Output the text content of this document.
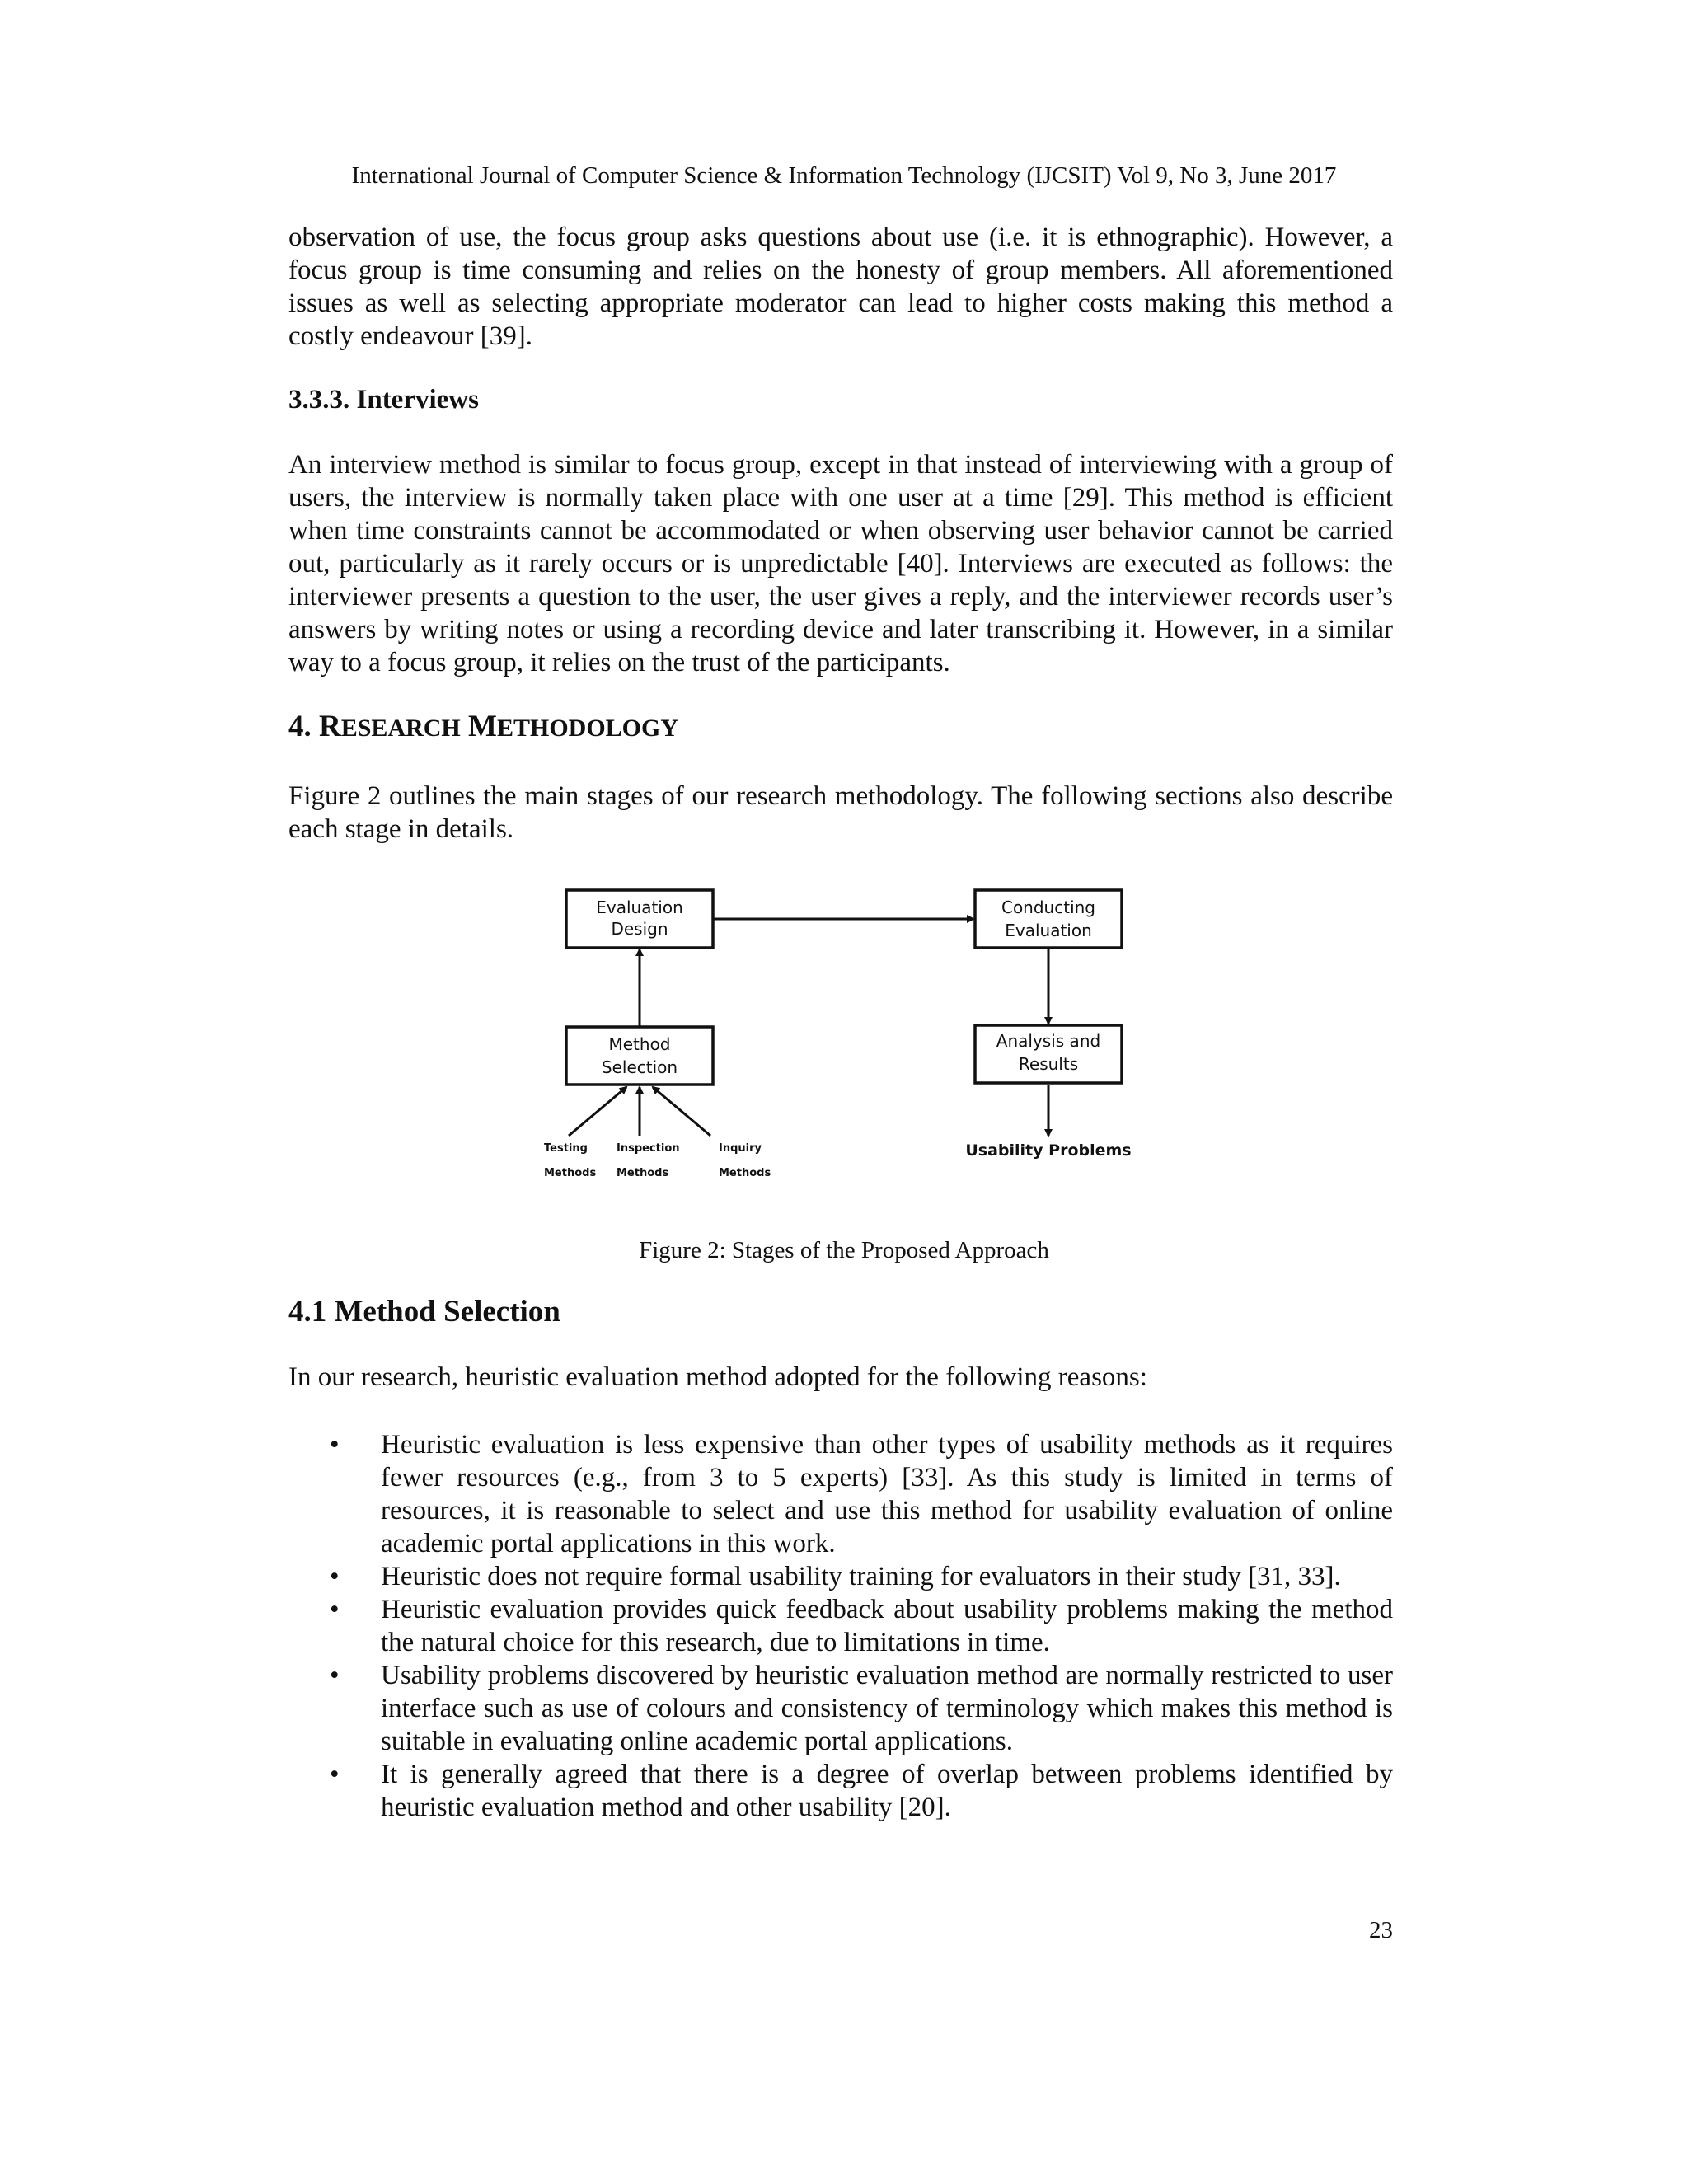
International Journal of Computer Science & Information Technology (IJCSIT) Vol 9, No 3, June 2017

observation of use, the focus group asks questions about use (i.e. it is ethnographic). However, a focus group is time consuming and relies on the honesty of group members. All aforementioned issues as well as selecting appropriate moderator can lead to higher costs making this method a costly endeavour [39].

3.3.3. Interviews

An interview method is similar to focus group, except in that instead of interviewing with a group of users, the interview is normally taken place with one user at a time [29]. This method is efficient when time constraints cannot be accommodated or when observing user behavior cannot be carried out, particularly as it rarely occurs or is unpredictable [40]. Interviews are executed as follows: the interviewer presents a question to the user, the user gives a reply, and the interviewer records user’s answers by writing notes or using a recording device and later transcribing it. However, in a similar way to a focus group, it relies on the trust of the participants.

4. RESEARCH METHODOLOGY

Figure 2 outlines the main stages of our research methodology. The following sections also describe each stage in details.

Evaluation
Design
Conducting
Evaluation
Method
Selection
Analysis and
Results
Testing
Methods
Inspection
Methods
Inquiry
Methods
Usability Problems
Figure 2: Stages of the Proposed Approach
4.1 Method Selection

In our research, heuristic evaluation method adopted for the following reasons:

•	Heuristic evaluation is less expensive than other types of usability methods as it requires fewer resources (e.g., from 3 to 5 experts) [33]. As this study is limited in terms of resources, it is reasonable to select and use this method for usability evaluation of online academic portal applications in this work.
•	Heuristic does not require formal usability training for evaluators in their study [31, 33].
•	Heuristic evaluation provides quick feedback about usability problems making the method the natural choice for this research, due to limitations in time.
•	Usability problems discovered by heuristic evaluation method are normally restricted to user interface such as use of colours and consistency of terminology which makes this method is suitable in evaluating online academic portal applications.
•	It is generally agreed that there is a degree of overlap between problems identified by heuristic evaluation method and other usability [20].
23
